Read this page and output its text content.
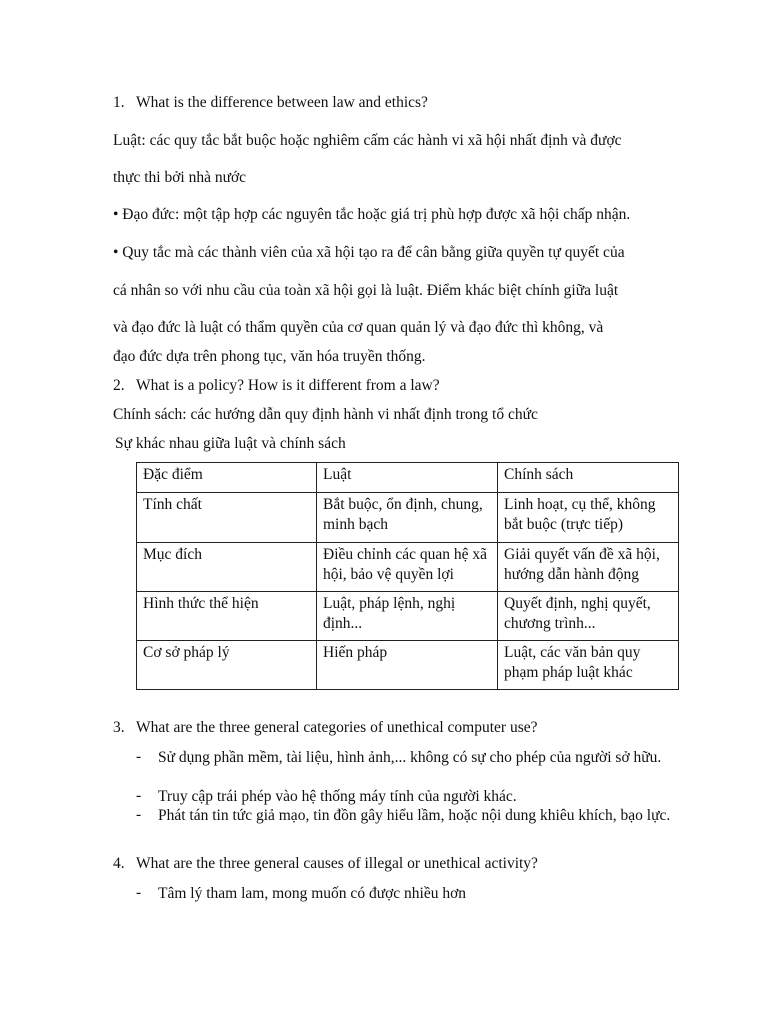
1. What is the difference between law and ethics?
Luật: các quy tắc bắt buộc hoặc nghiêm cấm các hành vi xã hội nhất định và được
thực thi bởi nhà nước
• Đạo đức: một tập hợp các nguyên tắc hoặc giá trị phù hợp được xã hội chấp nhận.
• Quy tắc mà các thành viên của xã hội tạo ra để cân bằng giữa quyền tự quyết của
cá nhân so với nhu cầu của toàn xã hội gọi là luật. Điểm khác biệt chính giữa luật
và đạo đức là luật có thẩm quyền của cơ quan quản lý và đạo đức thì không, và
đạo đức dựa trên phong tục, văn hóa truyền thống.
2. What is a policy? How is it different from a law?
Chính sách: các hướng dẫn quy định hành vi nhất định trong tổ chức
Sự khác nhau giữa luật và chính sách
Đặc điểm	Luật	Chính sách
Tính chất	Bắt buộc, ổn định, chung, minh bạch	Linh hoạt, cụ thể, không bắt buộc (trực tiếp)
Mục đích	Điều chỉnh các quan hệ xã hội, bảo vệ quyền lợi	Giải quyết vấn đề xã hội, hướng dẫn hành động
Hình thức thể hiện	Luật, pháp lệnh, nghị định...	Quyết định, nghị quyết, chương trình...
Cơ sở pháp lý	Hiến pháp	Luật, các văn bản quy phạm pháp luật khác
3. What are the three general categories of unethical computer use?
- Sử dụng phần mềm, tài liệu, hình ảnh,... không có sự cho phép của người sở hữu.
- Truy cập trái phép vào hệ thống máy tính của người khác.
- Phát tán tin tức giả mạo, tin đồn gây hiểu lầm, hoặc nội dung khiêu khích, bạo lực.
4. What are the three general causes of illegal or unethical activity?
- Tâm lý tham lam, mong muốn có được nhiều hơn
